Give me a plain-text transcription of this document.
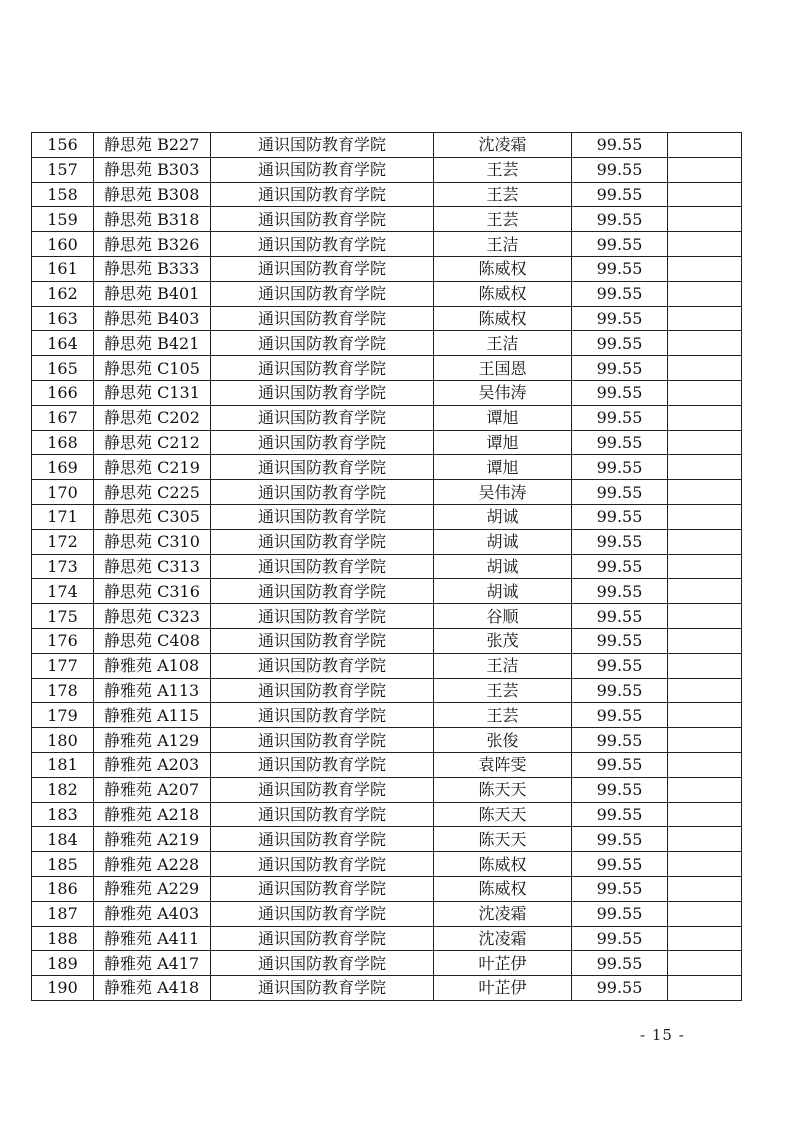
156	静思苑 B227	通识国防教育学院	沈凌霜	99.55	
157	静思苑 B303	通识国防教育学院	王芸	99.55	
158	静思苑 B308	通识国防教育学院	王芸	99.55	
159	静思苑 B318	通识国防教育学院	王芸	99.55	
160	静思苑 B326	通识国防教育学院	王洁	99.55	
161	静思苑 B333	通识国防教育学院	陈威权	99.55	
162	静思苑 B401	通识国防教育学院	陈威权	99.55	
163	静思苑 B403	通识国防教育学院	陈威权	99.55	
164	静思苑 B421	通识国防教育学院	王洁	99.55	
165	静思苑 C105	通识国防教育学院	王国恩	99.55	
166	静思苑 C131	通识国防教育学院	吴伟涛	99.55	
167	静思苑 C202	通识国防教育学院	谭旭	99.55	
168	静思苑 C212	通识国防教育学院	谭旭	99.55	
169	静思苑 C219	通识国防教育学院	谭旭	99.55	
170	静思苑 C225	通识国防教育学院	吴伟涛	99.55	
171	静思苑 C305	通识国防教育学院	胡诚	99.55	
172	静思苑 C310	通识国防教育学院	胡诚	99.55	
173	静思苑 C313	通识国防教育学院	胡诚	99.55	
174	静思苑 C316	通识国防教育学院	胡诚	99.55	
175	静思苑 C323	通识国防教育学院	谷顺	99.55	
176	静思苑 C408	通识国防教育学院	张茂	99.55	
177	静雅苑 A108	通识国防教育学院	王洁	99.55	
178	静雅苑 A113	通识国防教育学院	王芸	99.55	
179	静雅苑 A115	通识国防教育学院	王芸	99.55	
180	静雅苑 A129	通识国防教育学院	张俊	99.55	
181	静雅苑 A203	通识国防教育学院	袁阵雯	99.55	
182	静雅苑 A207	通识国防教育学院	陈天天	99.55	
183	静雅苑 A218	通识国防教育学院	陈天天	99.55	
184	静雅苑 A219	通识国防教育学院	陈天天	99.55	
185	静雅苑 A228	通识国防教育学院	陈威权	99.55	
186	静雅苑 A229	通识国防教育学院	陈威权	99.55	
187	静雅苑 A403	通识国防教育学院	沈凌霜	99.55	
188	静雅苑 A411	通识国防教育学院	沈凌霜	99.55	
189	静雅苑 A417	通识国防教育学院	叶芷伊	99.55	
190	静雅苑 A418	通识国防教育学院	叶芷伊	99.55	
- 15 -
